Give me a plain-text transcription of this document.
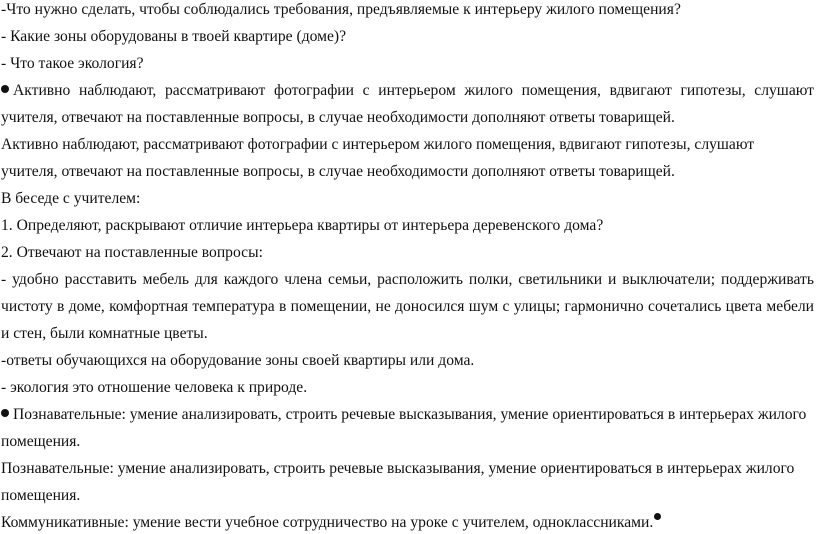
-Что нужно сделать, чтобы соблюдались требования, предъявляемые к интерьеру жилого помещения?
- Какие зоны оборудованы в твоей квартире (доме)?
- Что такое экология?
Активно наблюдают, рассматривают фотографии с интерьером жилого помещения, вдвигают гипотезы, слушают
учителя, отвечают на поставленные вопросы, в случае необходимости дополняют ответы товарищей.
Активно наблюдают, рассматривают фотографии с интерьером жилого помещения, вдвигают гипотезы, слушают
учителя, отвечают на поставленные вопросы, в случае необходимости дополняют ответы товарищей.
В беседе с учителем:
1. Определяют, раскрывают отличие интерьера квартиры от интерьера деревенского дома?
2. Отвечают на поставленные вопросы:
- удобно расставить мебель для каждого члена семьи, расположить полки, светильники и выключатели; поддерживать
чистоту в доме, комфортная температура в помещении, не доносился шум с улицы; гармонично сочетались цвета мебели
и стен, были комнатные цветы.
-ответы обучающихся на оборудование зоны своей квартиры или дома.
- экология это отношение человека к природе.
Познавательные: умение анализировать, строить речевые высказывания, умение ориентироваться в интерьерах жилого
помещения.
Познавательные: умение анализировать, строить речевые высказывания, умение ориентироваться в интерьерах жилого
помещения.
Коммуникативные: умение вести учебное сотрудничество на уроке с учителем, одноклассниками.
